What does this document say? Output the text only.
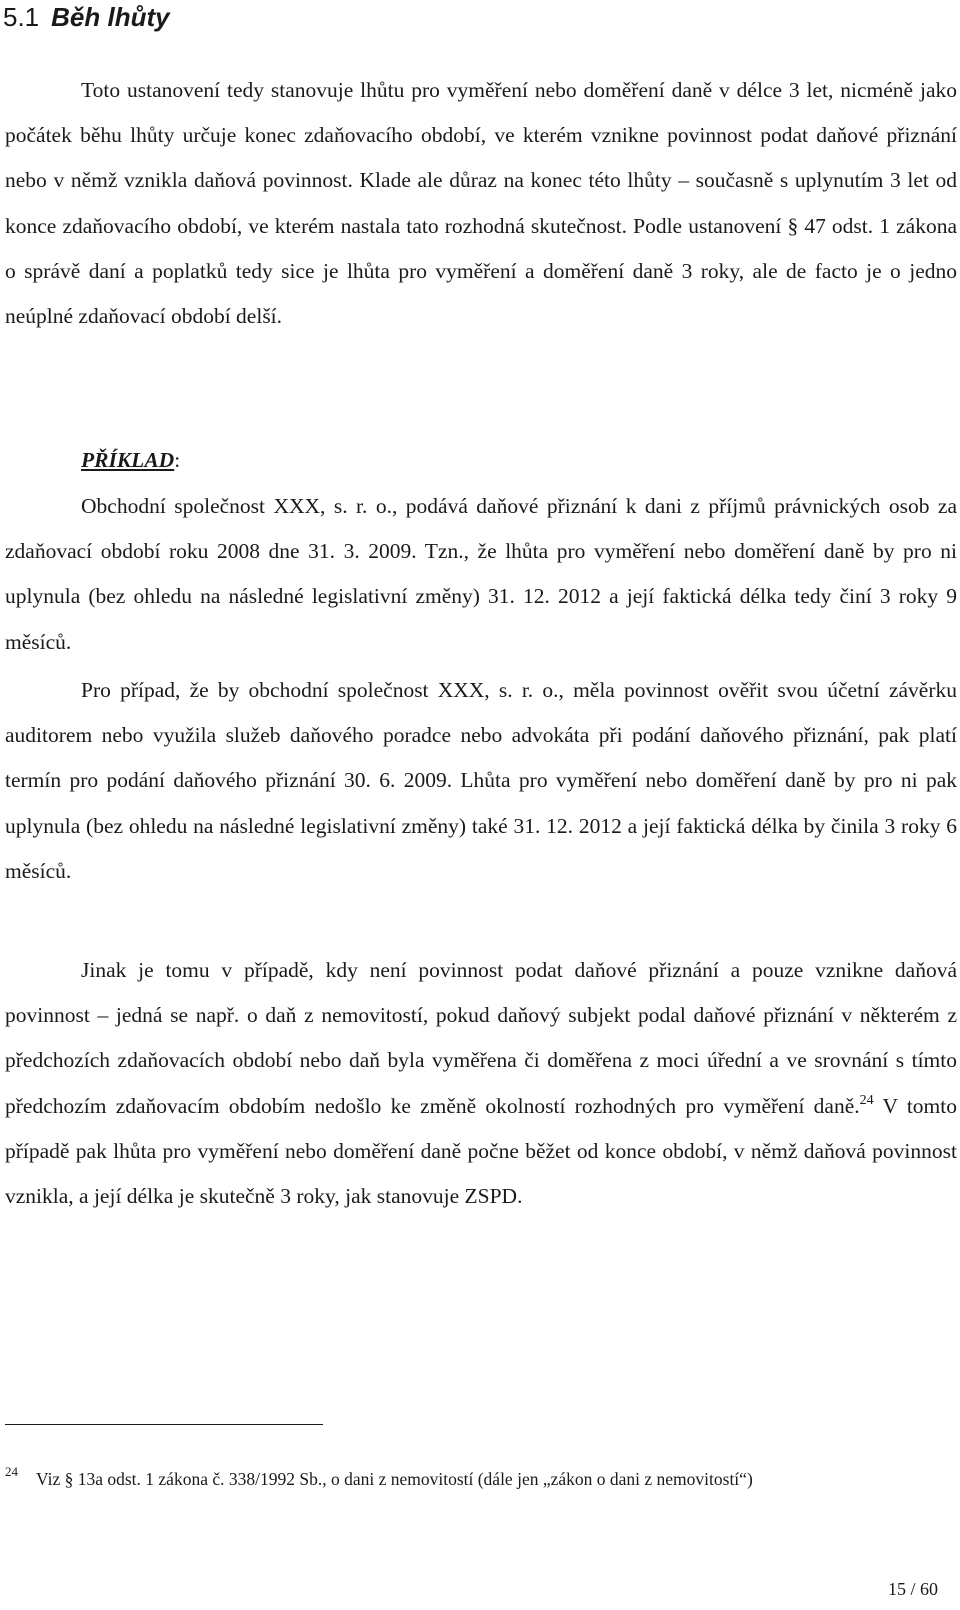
5.1 Běh lhůty

Toto ustanovení tedy stanovuje lhůtu pro vyměření nebo doměření daně v délce 3 let, nicméně jako počátek běhu lhůty určuje konec zdaňovacího období, ve kterém vznikne povinnost podat daňové přiznání nebo v němž vznikla daňová povinnost. Klade ale důraz na konec této lhůty – současně s uplynutím 3 let od konce zdaňovacího období, ve kterém nastala tato rozhodná skutečnost. Podle ustanovení § 47 odst. 1 zákona o správě daní a poplatků tedy sice je lhůta pro vyměření a doměření daně 3 roky, ale de facto je o jedno neúplné zdaňovací období delší.

PŘÍKLAD:

Obchodní společnost XXX, s. r. o., podává daňové přiznání k dani z příjmů právnických osob za zdaňovací období roku 2008 dne 31. 3. 2009. Tzn., že lhůta pro vyměření nebo doměření daně by pro ni uplynula (bez ohledu na následné legislativní změny) 31. 12. 2012 a její faktická délka tedy činí 3 roky 9 měsíců.

Pro případ, že by obchodní společnost XXX, s. r. o., měla povinnost ověřit svou účetní závěrku auditorem nebo využila služeb daňového poradce nebo advokáta při podání daňového přiznání, pak platí termín pro podání daňového přiznání 30. 6. 2009. Lhůta pro vyměření nebo doměření daně by pro ni pak uplynula (bez ohledu na následné legislativní změny) také 31. 12. 2012 a její faktická délka by činila 3 roky 6 měsíců.

Jinak je tomu v případě, kdy není povinnost podat daňové přiznání a pouze vznikne daňová povinnost – jedná se např. o daň z nemovitostí, pokud daňový subjekt podal daňové přiznání v některém z předchozích zdaňovacích období nebo daň byla vyměřena či doměřena z moci úřední a ve srovnání s tímto předchozím zdaňovacím obdobím nedošlo ke změně okolností rozhodných pro vyměření daně.$^{24}$ V tomto případě pak lhůta pro vyměření nebo doměření daně počne běžet od konce období, v němž daňová povinnost vznikla, a její délka je skutečně 3 roky, jak stanovuje ZSPD.

$^{24}$ Viz § 13a odst. 1 zákona č. 338/1992 Sb., o dani z nemovitostí (dále jen „zákon o dani z nemovitostí“)

15 / 60
